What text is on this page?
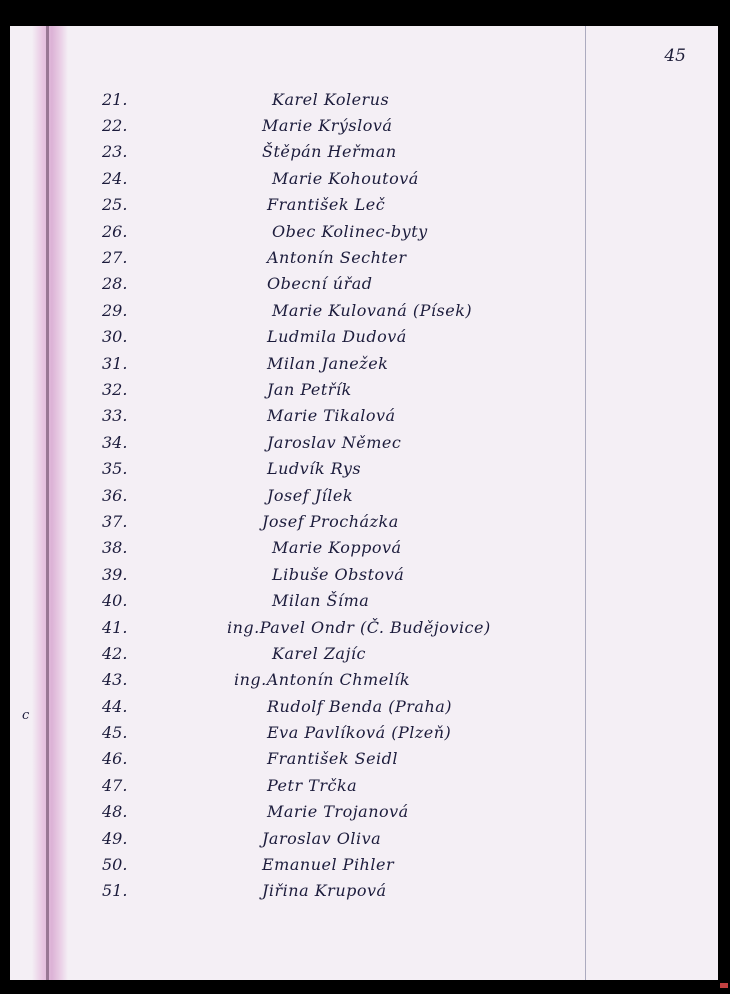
45
c
21.	Karel Kolerus
22.	Marie Krýslová
23.	Štěpán Heřman
24.	Marie Kohoutová
25.	František Leč
26.	Obec Kolinec-byty
27.	Antonín Sechter
28.	Obecní úřad
29.	Marie Kulovaná (Písek)
30.	Ludmila Dudová
31.	Milan Janežek
32.	Jan Petřík
33.	Marie Tikalová
34.	Jaroslav Němec
35.	Ludvík Rys
36.	Josef Jílek
37.	Josef Procházka
38.	Marie Koppová
39.	Libuše Obstová
40.	Milan Šíma
41.	ing.Pavel Ondr (Č. Budějovice)
42.	Karel Zajíc
43.	ing.Antonín Chmelík
44.	Rudolf Benda (Praha)
45.	Eva Pavlíková (Plzeň)
46.	František Seidl
47.	Petr Trčka
48.	Marie Trojanová
49.	Jaroslav Oliva
50.	Emanuel Pihler
51.	Jiřina Krupová
